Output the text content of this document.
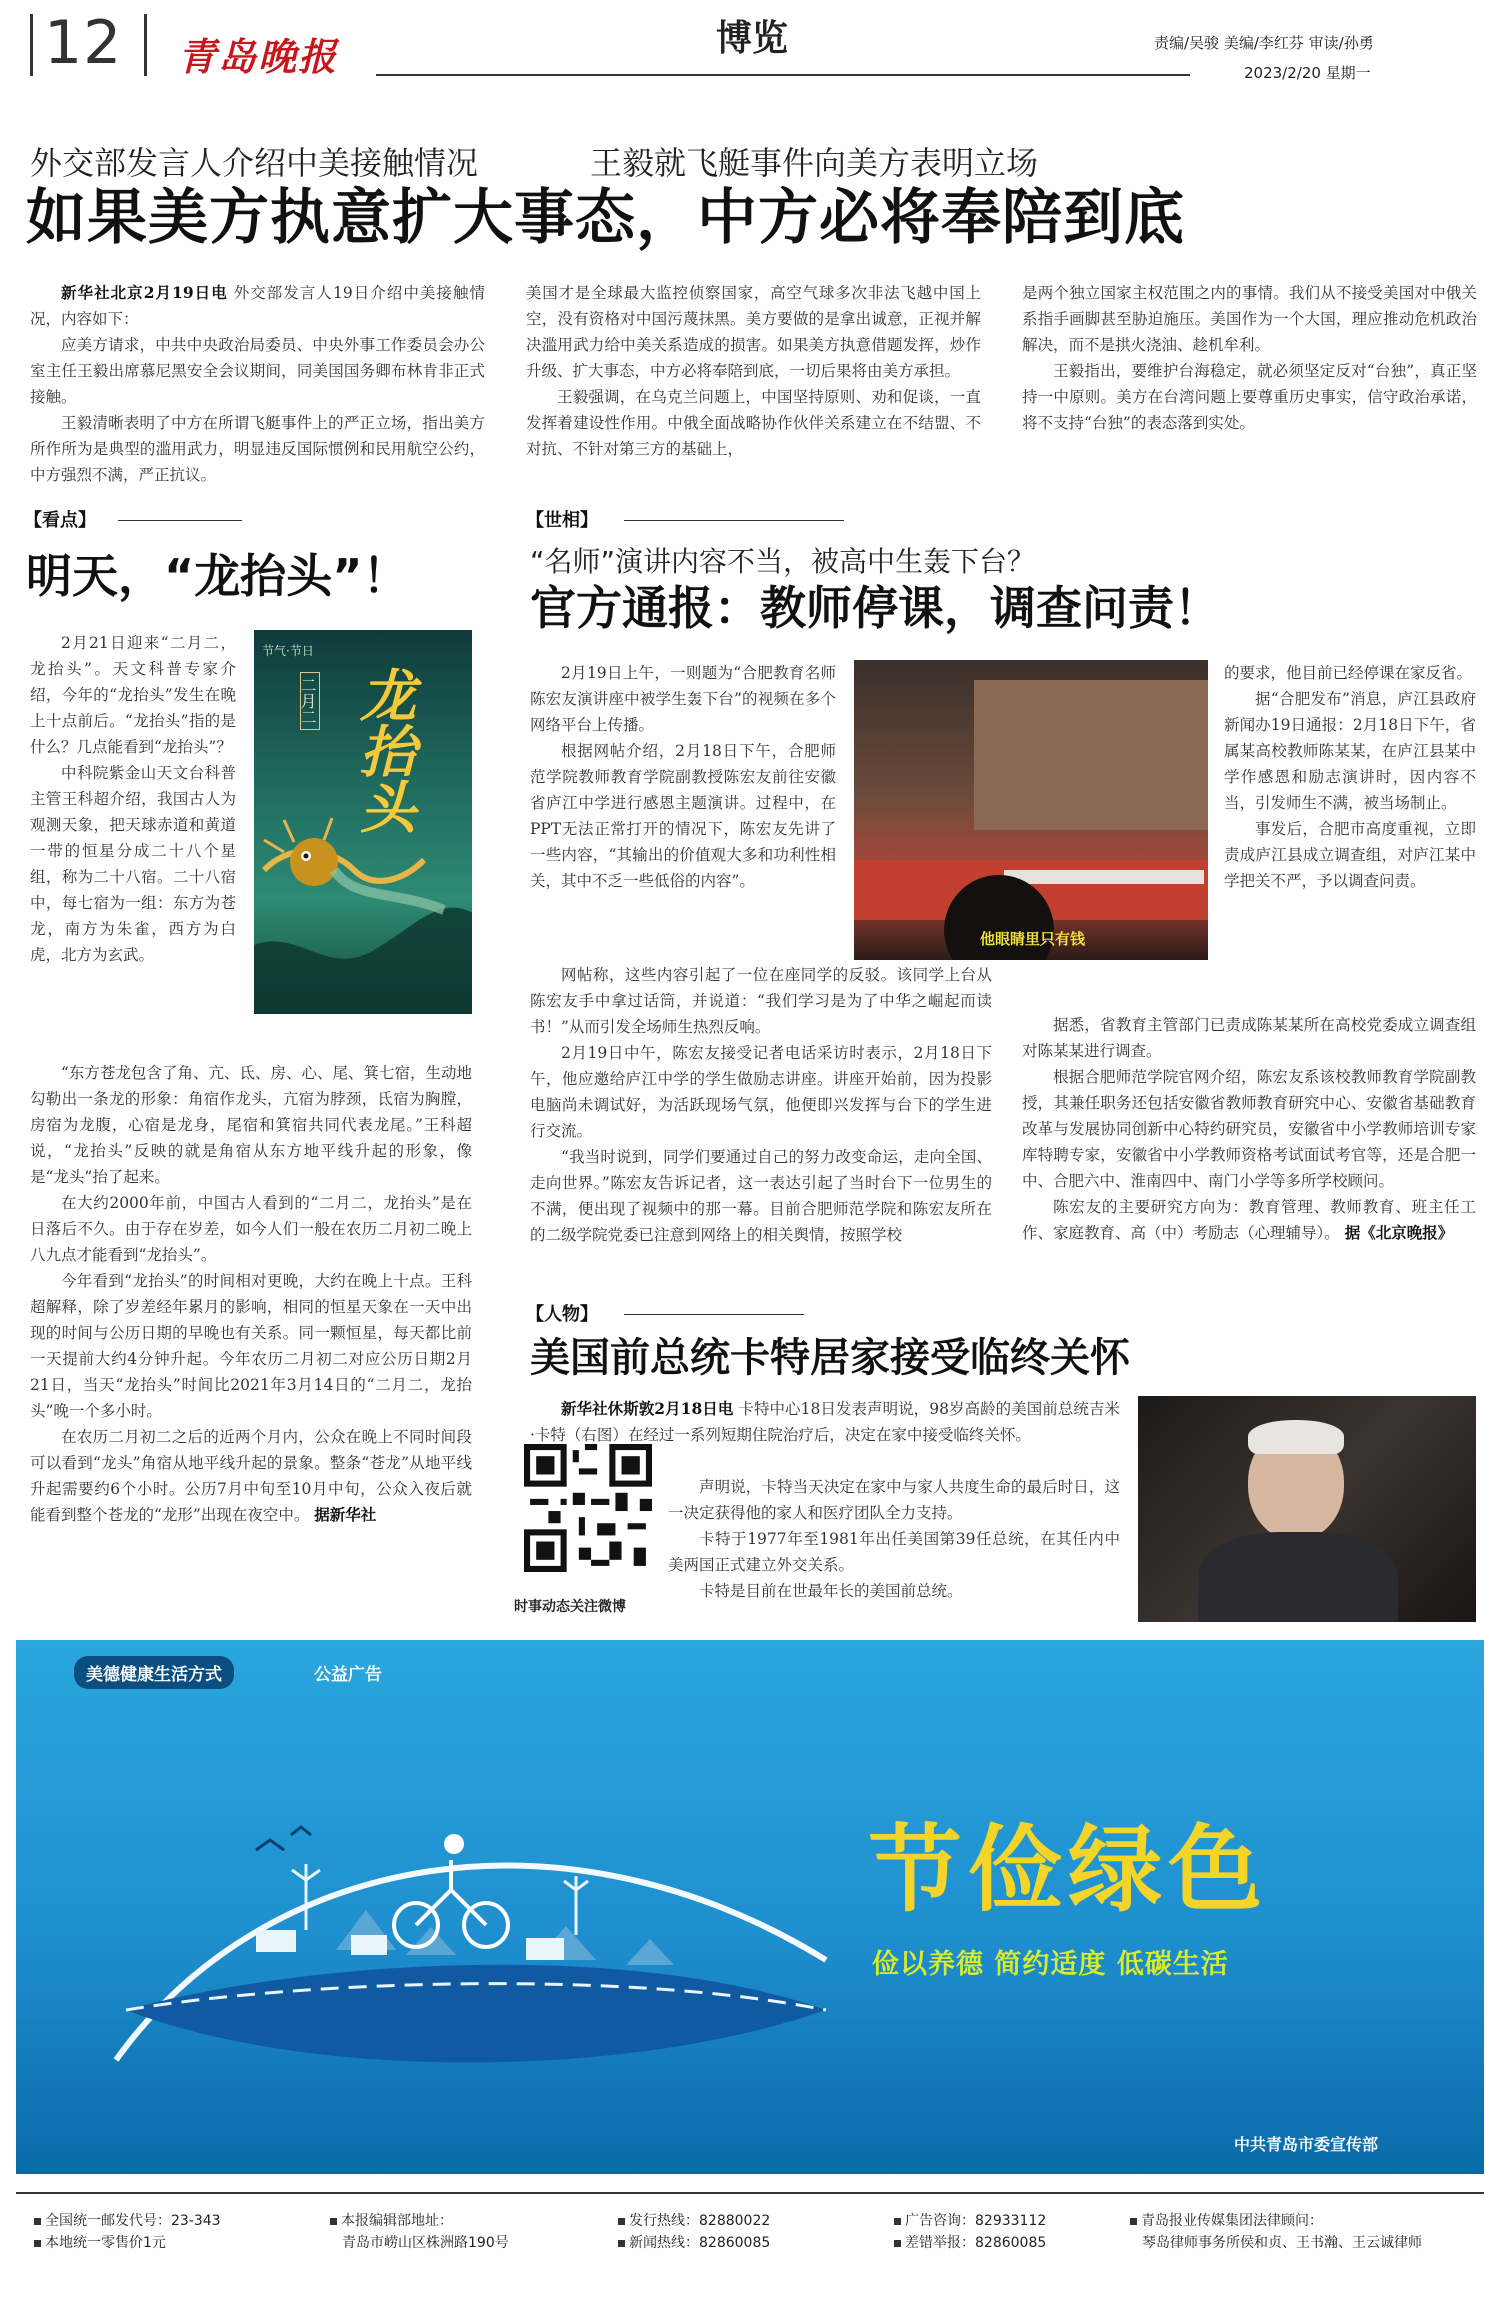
12 青岛晚报	博览	责编/吴骏 美编/李红芬 审读/孙勇
2023/2/20 星期一
外交部发言人介绍中美接触情况	王毅就飞艇事件向美方表明立场
如果美方执意扩大事态，中方必将奉陪到底

新华社北京2月19日电 外交部发言人19日介绍中美接触情况，内容如下：

应美方请求，中共中央政治局委员、中央外事工作委员会办公室主任王毅出席慕尼黑安全会议期间，同美国国务卿布林肯非正式接触。

王毅清晰表明了中方在所谓飞艇事件上的严正立场，指出美方所作所为是典型的滥用武力，明显违反国际惯例和民用航空公约，中方强烈不满，严正抗议。

美国才是全球最大监控侦察国家，高空气球多次非法飞越中国上空，没有资格对中国污蔑抹黑。美方要做的是拿出诚意，正视并解决滥用武力给中美关系造成的损害。如果美方执意借题发挥，炒作升级、扩大事态，中方必将奉陪到底，一切后果将由美方承担。

王毅强调，在乌克兰问题上，中国坚持原则、劝和促谈，一直发挥着建设性作用。中俄全面战略协作伙伴关系建立在不结盟、不对抗、不针对第三方的基础上，

是两个独立国家主权范围之内的事情。我们从不接受美国对中俄关系指手画脚甚至胁迫施压。美国作为一个大国，理应推动危机政治解决，而不是拱火浇油、趁机牟利。

王毅指出，要维护台海稳定，就必须坚定反对“台独”，真正坚持一中原则。美方在台湾问题上要尊重历史事实，信守政治承诺，将不支持“台独”的表态落到实处。

【看点】
明天，“龙抬头”！
节气·节日
二月二 龙抬头

2月21日迎来“二月二，龙抬头”。天文科普专家介绍，今年的“龙抬头”发生在晚上十点前后。“龙抬头”指的是什么？几点能看到“龙抬头”？

中科院紫金山天文台科普主管王科超介绍，我国古人为观测天象，把天球赤道和黄道一带的恒星分成二十八个星组，称为二十八宿。二十八宿中，每七宿为一组：东方为苍龙，南方为朱雀，西方为白虎，北方为玄武。

“东方苍龙包含了角、亢、氐、房、心、尾、箕七宿，生动地勾勒出一条龙的形象：角宿作龙头，亢宿为脖颈，氐宿为胸膛，房宿为龙腹，心宿是龙身，尾宿和箕宿共同代表龙尾。”王科超说，“龙抬头”反映的就是角宿从东方地平线升起的形象，像是“龙头”抬了起来。

在大约2000年前，中国古人看到的“二月二，龙抬头”是在日落后不久。由于存在岁差，如今人们一般在农历二月初二晚上八九点才能看到“龙抬头”。

今年看到“龙抬头”的时间相对更晚，大约在晚上十点。王科超解释，除了岁差经年累月的影响，相同的恒星天象在一天中出现的时间与公历日期的早晚也有关系。同一颗恒星，每天都比前一天提前大约4分钟升起。今年农历二月初二对应公历日期2月21日，当天“龙抬头”时间比2021年3月14日的“二月二，龙抬头”晚一个多小时。

在农历二月初二之后的近两个月内，公众在晚上不同时间段可以看到“龙头”角宿从地平线升起的景象。整条“苍龙”从地平线升起需要约6个小时。公历7月中旬至10月中旬，公众入夜后就能看到整个苍龙的“龙形”出现在夜空中。 据新华社

【世相】
“名师”演讲内容不当，被高中生轰下台？
官方通报：教师停课，调查问责！
他眼睛里只有钱

2月19日上午，一则题为“合肥教育名师陈宏友演讲座中被学生轰下台”的视频在多个网络平台上传播。

根据网帖介绍，2月18日下午，合肥师范学院教师教育学院副教授陈宏友前往安徽省庐江中学进行感恩主题演讲。过程中，在PPT无法正常打开的情况下，陈宏友先讲了一些内容，“其输出的价值观大多和功利性相关，其中不乏一些低俗的内容”。

网帖称，这些内容引起了一位在座同学的反驳。该同学上台从陈宏友手中拿过话筒，并说道：“我们学习是为了中华之崛起而读书！”从而引发全场师生热烈反响。

2月19日中午，陈宏友接受记者电话采访时表示，2月18日下午，他应邀给庐江中学的学生做励志讲座。讲座开始前，因为投影电脑尚未调试好，为活跃现场气氛，他便即兴发挥与台下的学生进行交流。

“我当时说到，同学们要通过自己的努力改变命运，走向全国、走向世界。”陈宏友告诉记者，这一表达引起了当时台下一位男生的不满，便出现了视频中的那一幕。目前合肥师范学院和陈宏友所在的二级学院党委已注意到网络上的相关舆情，按照学校

的要求，他目前已经停课在家反省。

据“合肥发布”消息，庐江县政府新闻办19日通报：2月18日下午，省属某高校教师陈某某，在庐江县某中学作感恩和励志演讲时，因内容不当，引发师生不满，被当场制止。

事发后，合肥市高度重视，立即责成庐江县成立调查组，对庐江某中学把关不严，予以调查问责。

据悉，省教育主管部门已责成陈某某所在高校党委成立调查组对陈某某进行调查。

根据合肥师范学院官网介绍，陈宏友系该校教师教育学院副教授，其兼任职务还包括安徽省教师教育研究中心、安徽省基础教育改革与发展协同创新中心特约研究员，安徽省中小学教师培训专家库特聘专家，安徽省中小学教师资格考试面试考官等，还是合肥一中、合肥六中、淮南四中、南门小学等多所学校顾问。

陈宏友的主要研究方向为：教育管理、教师教育、班主任工作、家庭教育、高（中）考励志（心理辅导）。 据《北京晚报》

【人物】
美国前总统卡特居家接受临终关怀

新华社休斯敦2月18日电 卡特中心18日发表声明说，98岁高龄的美国前总统吉米·卡特（右图）在经过一系列短期住院治疗后，决定在家中接受临终关怀。

时事动态关注微博

声明说，卡特当天决定在家中与家人共度生命的最后时日，这一决定获得他的家人和医疗团队全力支持。

卡特于1977年至1981年出任美国第39任总统，在其任内中美两国正式建立外交关系。

卡特是目前在世最年长的美国前总统。

美德健康生活方式	公益广告
节俭绿色
俭以养德 简约适度 低碳生活
中共青岛市委宣传部
全国统一邮发代号：23-343
本地统一零售价1元
本报编辑部地址：
青岛市崂山区株洲路190号
发行热线：82880022
新闻热线：82860085
广告咨询：82933112
差错举报：82860085
青岛报业传媒集团法律顾问：
琴岛律师事务所侯和贞、王书瀚、王云诚律师
